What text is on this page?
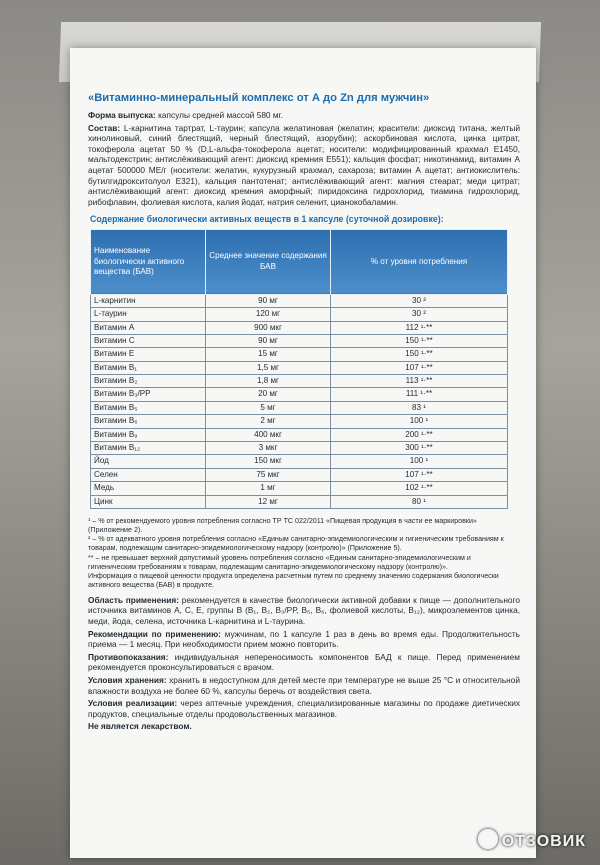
«Витаминно-минеральный комплекс от А до Zn для мужчин»
Форма выпуска: капсулы средней массой 580 мг.
Состав: L-карнитина тартрат, L-таурин; капсула желатиновая (желатин; красители: диоксид титана, желтый хинолиновый, синий блестящий, черный блестящий, азорубин); аскорбиновая кислота, цинка цитрат, токоферола ацетат 50 % (D,L-альфа-токоферола ацетат; носители: модифицированный крахмал Е1450, мальтодекстрин; антислёживающий агент: диоксид кремния Е551); кальция фосфат; никотинамид, витамин А ацетат 500000 МЕ/г (носители: желатин, кукурузный крахмал, сахароза; витамин А ацетат; антиокислитель: бутилгидрокситолуол Е321), кальция пантотенат; антислёживающий агент: магния стеарат; меди цитрат; антислёживающий агент: диоксид кремния аморфный; пиридоксина гидрохлорид, тиамина гидрохлорид, рибофлавин, фолиевая кислота, калия йодат, натрия селенит, цианокобаламин.
Содержание биологически активных веществ в 1 капсуле (суточной дозировке):
Наименование биологически активного вещества (БАВ)	Среднее значение содержания БАВ	% от уровня потребления
L-карнитин	90 мг	30 ²
L-таурин	120 мг	30 ²
Витамин А	900 мкг	112 ¹·**
Витамин С	90 мг	150 ¹·**
Витамин Е	15 мг	150 ¹·**
Витамин В₁	1,5 мг	107 ¹·**
Витамин В₂	1,8 мг	113 ¹·**
Витамин В₃/РР	20 мг	111 ¹·**
Витамин В₅	5 мг	83 ¹
Витамин В₆	2 мг	100 ¹
Витамин В₉	400 мкг	200 ¹·**
Витамин В₁₂	3 мкг	300 ¹·**
Йод	150 мкг	100 ¹
Селен	75 мкг	107 ¹·**
Медь	1 мг	102 ¹·**
Цинк	12 мг	80 ¹
¹ – % от рекомендуемого уровня потребления согласно ТР ТС 022/2011 «Пищевая продукция в части ее маркировки» (Приложение 2).
² – % от адекватного уровня потребления согласно «Единым санитарно-эпидемиологическим и гигиеническим требованиям к товарам, подлежащим санитарно-эпидемиологическому надзору (контролю)» (Приложение 5).
** – не превышает верхний допустимый уровень потребления согласно «Единым санитарно-эпидемиологическим и гигиеническим требованиям к товарам, подлежащим санитарно-эпидемиологическому надзору (контролю)».
Информация о пищевой ценности продукта определена расчетным путем по среднему значению содержания биологически активного вещества (БАВ) в продукте.
Область применения: рекомендуется в качестве биологически активной добавки к пище — дополнительного источника витаминов А, С, Е, группы В (В₁, В₂, В₃/РР, В₅, В₆, фолиевой кислоты, В₁₂), микроэлементов цинка, меди, йода, селена, источника L-карнитина и L-таурина.
Рекомендации по применению: мужчинам, по 1 капсуле 1 раз в день во время еды. Продолжительность приема — 1 месяц. При необходимости прием можно повторить.
Противопоказания: индивидуальная непереносимость компонентов БАД к пище. Перед применением рекомендуется проконсультироваться с врачом.
Условия хранения: хранить в недоступном для детей месте при температуре не выше 25 °С и относительной влажности воздуха не более 60 %, капсулы беречь от воздействия света.
Условия реализации: через аптечные учреждения, специализированные магазины по продаже диетических продуктов, специальные отделы продовольственных магазинов.
Не является лекарством.
ОТЗОВИК
